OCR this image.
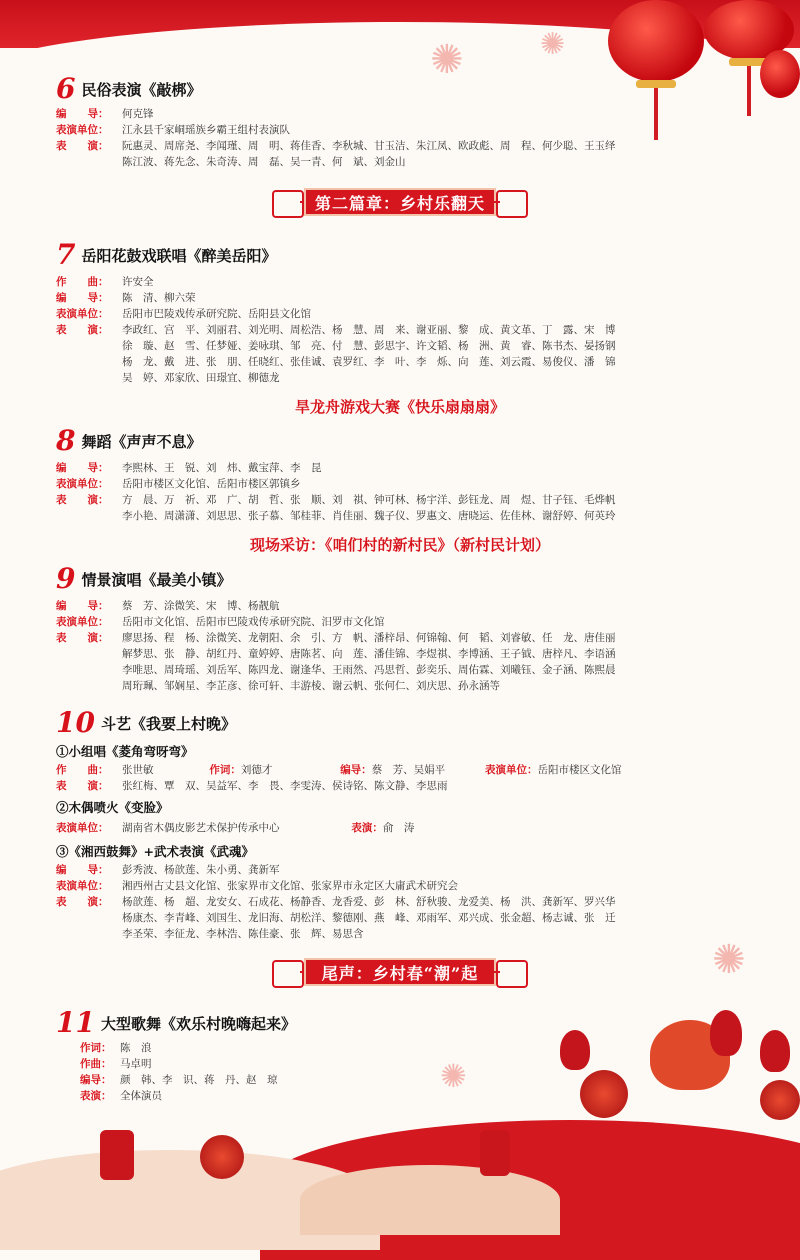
✺	✺
✺
✺
6 民俗表演《敲梆》
编　　导： 何克锋
表演单位： 江永县千家峒瑶族乡霸王组村表演队
表　　演： 阮惠灵、周席尧、李闻瑾、周　明、蒋佳香、李秋城、甘玉洁、朱江凤、欧政彪、周　程、何少聪、王玉绎
陈江波、蒋先念、朱奇涛、周　磊、吴一青、何　斌、刘金山
第二篇章：乡村乐翻天
7 岳阳花鼓戏联唱《醉美岳阳》
作　　曲： 许安全
编　　导： 陈　清、柳六荣
表演单位： 岳阳市巴陵戏传承研究院、岳阳县文化馆
表　　演： 李政红、宫　平、刘丽君、刘光明、周松浩、杨　慧、周　来、谢亚丽、黎　成、黄文革、丁　露、宋　博
徐　璇、赵　雪、任梦娅、姜咏琪、邹　亮、付　慧、彭思宇、许文韬、杨　洲、黄　睿、陈书杰、晏扬钢
杨　龙、戴　进、张　朋、任晓红、张佳诚、袁罗红、李　叶、李　烁、向　莲、刘云霞、易俊仪、潘　锦
吴　婷、邓家欣、田璟宜、柳德龙
旱龙舟游戏大赛《快乐扇扇扇》
8 舞蹈《声声不息》
编　　导： 李熙林、王　锐、刘　炜、戴宝萍、李　昆
表演单位： 岳阳市楼区文化馆、岳阳市楼区郭镇乡
表　　演： 方　晨、万　祈、邓　广、胡　哲、张　顺、刘　祺、钟可林、杨宇洋、彭钰龙、周　煜、甘子钰、毛烨帆
李小艳、周潇潇、刘思思、张子慕、邹桂菲、肖佳丽、魏子仪、罗惠文、唐晓运、佐佳林、谢舒婷、何英玲
现场采访：《咱们村的新村民》（新村民计划）
9 情景演唱《最美小镇》
编　　导： 蔡　芳、涂微笑、宋　博、杨靓航
表演单位： 岳阳市文化馆、岳阳市巴陵戏传承研究院、汨罗市文化馆
表　　演： 廖思扬、程　杨、涂微笑、龙朝阳、余　引、方　帆、潘梓昂、何锦翰、何　韬、刘睿敏、任　龙、唐佳丽
解梦思、张　静、胡红丹、童婷婷、唐陈茗、向　莲、潘佳锦、李煜祺、李博涵、王子钺、唐梓凡、李语涵
李唯思、周琦瑶、刘岳军、陈四龙、谢逢华、王雨然、冯思哲、彭奕乐、周佑霖、刘曦钰、金子涵、陈熙晨
周珩珮、邹娴星、李芷彦、徐可轩、丰游棱、谢云帆、张何仁、刘庆思、孙永涵等
10 斗艺《我要上村晚》
①小组唱《菱角弯呀弯》
作　　曲： 张世敏	作词：刘德才	编导：蔡　芳、吴娟平	表演单位：岳阳市楼区文化馆
表　　演： 张红梅、覃　双、吴益军、李　畏、李雯涛、侯诗铭、陈文静、李思雨
②木偶喷火《变脸》
表演单位： 湖南省木偶皮影艺术保护传承中心	表演：俞　涛
③《湘西鼓舞》+武术表演《武魂》
编　　导： 彭秀波、杨歆莲、朱小勇、龚新军
表演单位： 湘西州古丈县文化馆、张家界市文化馆、张家界市永定区大庸武术研究会
表　　演： 杨歆莲、杨　超、龙安女、石成花、杨静香、龙香爱、彭　林、舒秋骏、龙爱美、杨　洪、龚新军、罗兴华
杨康杰、李青峰、刘国生、龙旧海、胡松洋、黎德刚、燕　峰、邓雨军、邓兴成、张金超、杨志诚、张　迁
李圣荣、李征龙、李林浩、陈佳豪、张　辉、易思含
尾声：乡村春“潮”起
11 大型歌舞《欢乐村晚嗨起来》
作词： 陈　浪
作曲： 马卓明
编导： 颜　韩、李　识、蒋　丹、赵　琼
表演： 全体演员
